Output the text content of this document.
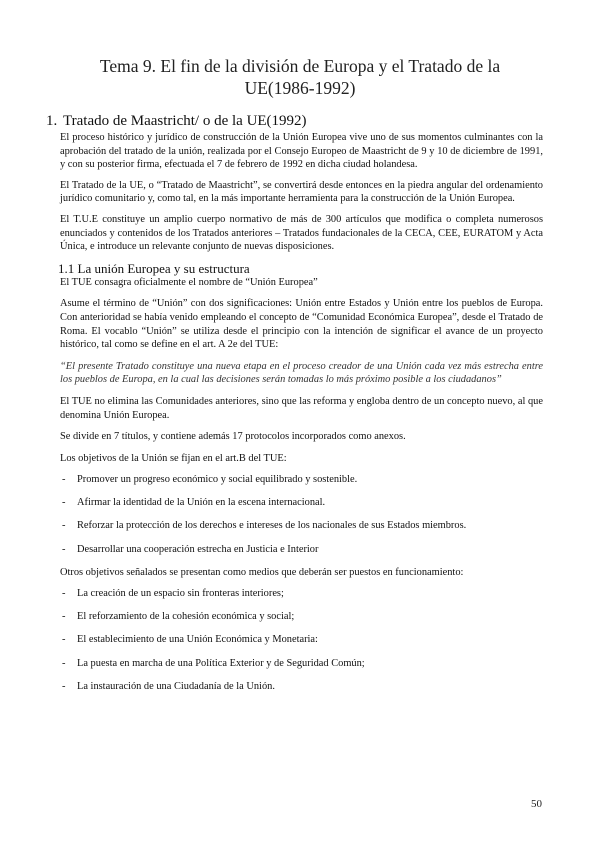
Tema 9. El fin de la división de Europa y el Tratado de la UE(1986-1992)
1. Tratado de Maastricht/ o de la UE(1992)

El proceso histórico y jurídico de construcción de la Unión Europea vive uno de sus momentos culminantes con la aprobación del tratado de la unión, realizada por el Consejo Europeo de Maastricht de 9 y 10 de diciembre de 1991, y con su posterior firma, efectuada el 7 de febrero de 1992 en dicha ciudad holandesa.

El Tratado de la UE, o “Tratado de Maastricht”, se convertirá desde entonces en la piedra angular del ordenamiento jurídico comunitario y, como tal, en la más importante herramienta para la construcción de la Unión Europea.

El T.U.E constituye un amplio cuerpo normativo de más de 300 artículos que modifica o completa numerosos enunciados y contenidos de los Tratados anteriores – Tratados fundacionales de la CECA, CEE, EURATOM y Acta Única, e introduce un relevante conjunto de nuevas disposiciones.

1.1 La unión Europea y su estructura

El TUE consagra oficialmente el nombre de “Unión Europea”

Asume el término de “Unión” con dos significaciones: Unión entre Estados y Unión entre los pueblos de Europa. Con anterioridad se había venido empleando el concepto de “Comunidad Económica Europea”, desde el Tratado de Roma. El vocablo “Unión” se utiliza desde el principio con la intención de significar el avance de un proyecto histórico, tal como se define en el art. A 2e del TUE:

“El presente Tratado constituye una nueva etapa en el proceso creador de una Unión cada vez más estrecha entre los pueblos de Europa, en la cual las decisiones serán tomadas lo más próximo posible a los ciudadanos”

El TUE no elimina las Comunidades anteriores, sino que las reforma y engloba dentro de un concepto nuevo, al que denomina Unión Europea.

Se divide en 7 títulos, y contiene además 17 protocolos incorporados como anexos.

Los objetivos de la Unión se fijan en el art.B del TUE:

- Promover un progreso económico y social equilibrado y sostenible.
- Afirmar la identidad de la Unión en la escena internacional.
- Reforzar la protección de los derechos e intereses de los nacionales de sus Estados miembros.
- Desarrollar una cooperación estrecha en Justicia e Interior

Otros objetivos señalados se presentan como medios que deberán ser puestos en funcionamiento:

- La creación de un espacio sin fronteras interiores;
- El reforzamiento de la cohesión económica y social;
- El establecimiento de una Unión Económica y Monetaria:
- La puesta en marcha de una Política Exterior y de Seguridad Común;
- La instauración de una Ciudadanía de la Unión.
50
